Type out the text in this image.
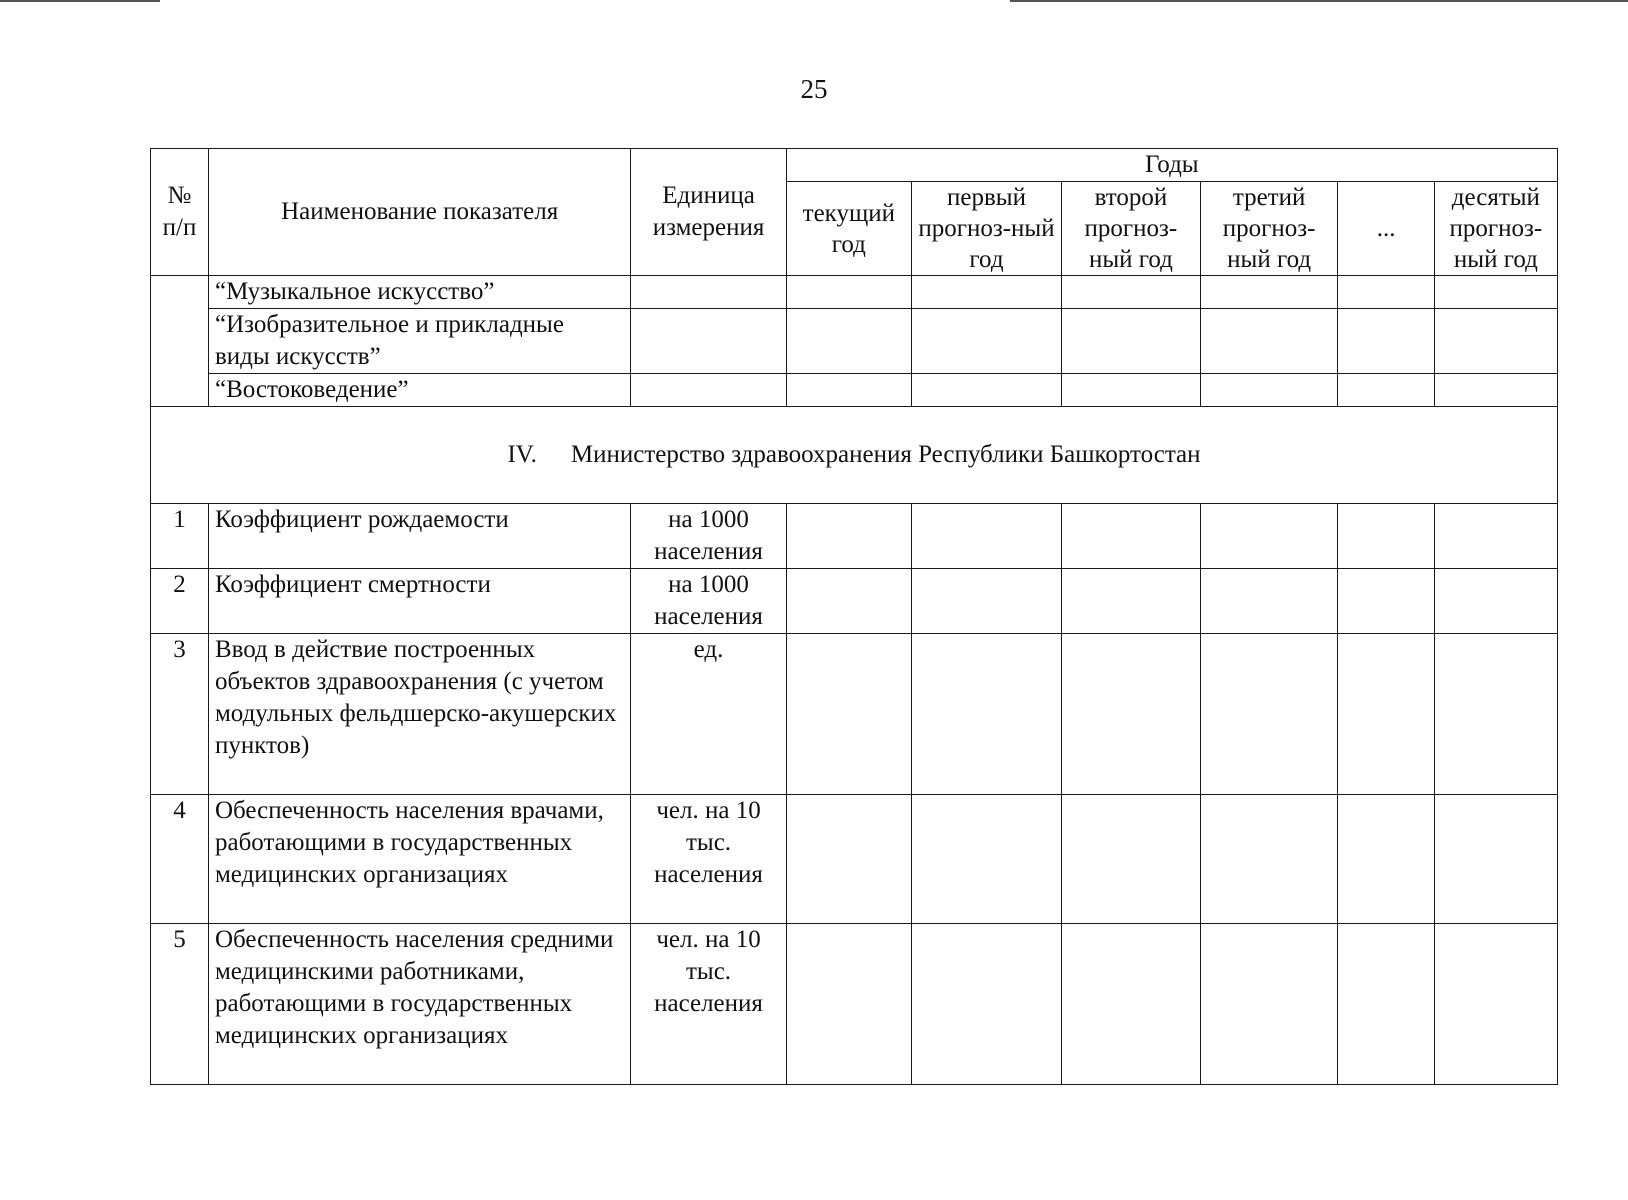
25
№ п/п	Наименование показателя	Единица измерения	Годы					
			текущий год	первый прогноз-ный год	второй прогноз-ный год	третий прогноз-ный год	...	десятый прогноз-ный год
	“Музыкальное искусство”							
	“Изобразительное и прикладные виды искусств”							
	“Востоковедение”							
IV. Министерство здравоохранения Республики Башкортостан								
1	Коэффициент рождаемости	на 1000 населения						
2	Коэффициент смертности	на 1000 населения						
3	Ввод в действие построенных объектов здравоохранения (с учетом модульных фельдшерско-акушерских пунктов)	ед.						
4	Обеспеченность населения врачами, работающими в государственных медицинских организациях	чел. на 10 тыс. населения						
5	Обеспеченность населения средними медицинскими работниками, работающими в государственных медицинских организациях	чел. на 10 тыс. населения						
